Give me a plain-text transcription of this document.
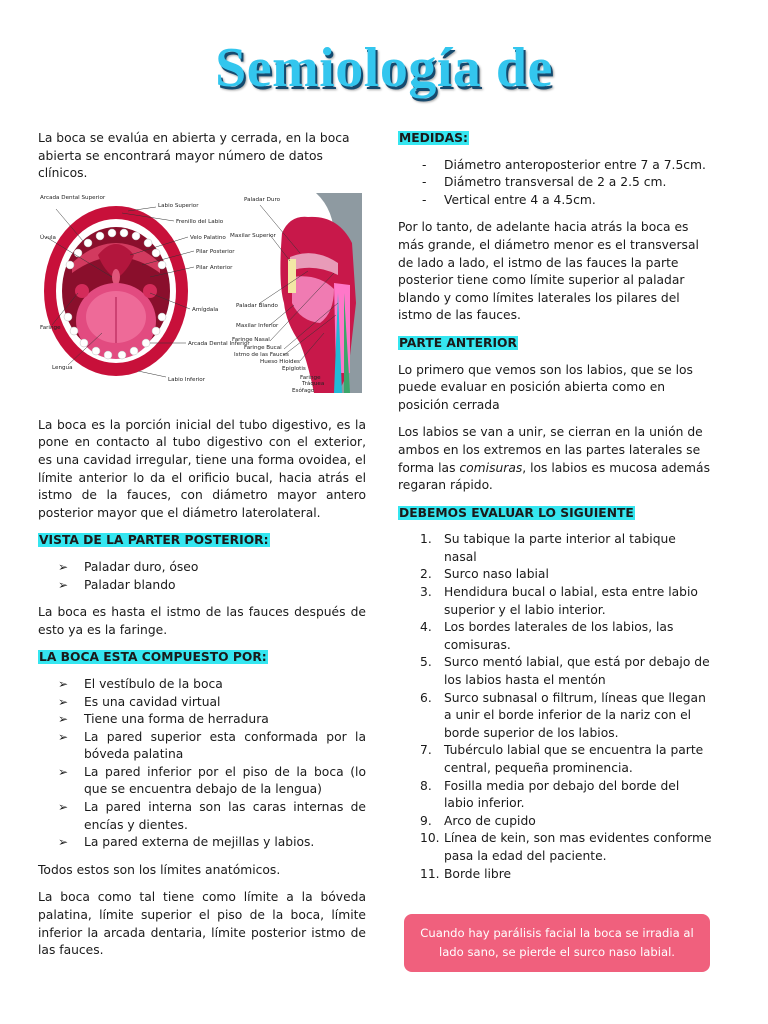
Semiología de

La boca se evalúa en abierta y cerrada, en la boca abierta se encontrará mayor número de datos clínicos.

Arcada Dental Superior
Labio Superior
Frenillo del Labio
Úvula	Velo Palatino
Pilar Posterior
Pilar Anterior
Faringe
Amígdala
Lengua
Arcada Dental Inferior
Labio Inferior
Paladar Duro
Maxilar Superior
Paladar Blando
Maxilar Inferior
Faringe Nasal
Faringe Bucal
Istmo de las Fauces
Hueso Hioides
Epiglotis
Faringe
Tráquea
Esófago

La boca es la porción inicial del tubo digestivo, es la pone en contacto al tubo digestivo con el exterior, es una cavidad irregular, tiene una forma ovoidea, el límite anterior lo da el orificio bucal, hacia atrás el istmo de la fauces, con diámetro mayor antero posterior mayor que el diámetro laterolateral.

VISTA DE LA PARTER POSTERIOR:

➢ Paladar duro, óseo
➢ Paladar blando

La boca es hasta el istmo de las fauces después de esto ya es la faringe.

LA BOCA ESTA COMPUESTO POR:

➢ El vestíbulo de la boca
➢ Es una cavidad virtual
➢ Tiene una forma de herradura
➢ La pared superior esta conformada por la bóveda palatina
➢ La pared inferior por el piso de la boca (lo que se encuentra debajo de la lengua)
➢ La pared interna son las caras internas de encías y dientes.
➢ La pared externa de mejillas y labios.

Todos estos son los límites anatómicos.

La boca como tal tiene como límite a la bóveda palatina, límite superior el piso de la boca, límite inferior la arcada dentaria, límite posterior istmo de las fauces.

MEDIDAS:

- Diámetro anteroposterior entre 7 a 7.5cm.
- Diámetro transversal de 2 a 2.5 cm.
- Vertical entre 4 a 4.5cm.

Por lo tanto, de adelante hacia atrás la boca es más grande, el diámetro menor es el transversal de lado a lado, el istmo de las fauces la parte posterior tiene como límite superior al paladar blando y como límites laterales los pilares del istmo de las fauces.

PARTE ANTERIOR

Lo primero que vemos son los labios, que se los puede evaluar en posición abierta como en posición cerrada

Los labios se van a unir, se cierran en la unión de ambos en los extremos en las partes laterales se forma las comisuras, los labios es mucosa además regaran rápido.

DEBEMOS EVALUAR LO SIGUIENTE

1. Su tabique la parte interior al tabique nasal
2. Surco naso labial
3. Hendidura bucal o labial, esta entre labio superior y el labio interior.
4. Los bordes laterales de los labios, las comisuras.
5. Surco mentó labial, que está por debajo de los labios hasta el mentón
6. Surco subnasal o filtrum, líneas que llegan a unir el borde inferior de la nariz con el borde superior de los labios.
7. Tubérculo labial que se encuentra la parte central, pequeña prominencia.
8. Fosilla media por debajo del borde del labio inferior.
9. Arco de cupido
10. Línea de kein, son mas evidentes conforme pasa la edad del paciente.
11. Borde libre
Cuando hay parálisis facial la boca se irradia al lado sano, se pierde el surco naso labial.
